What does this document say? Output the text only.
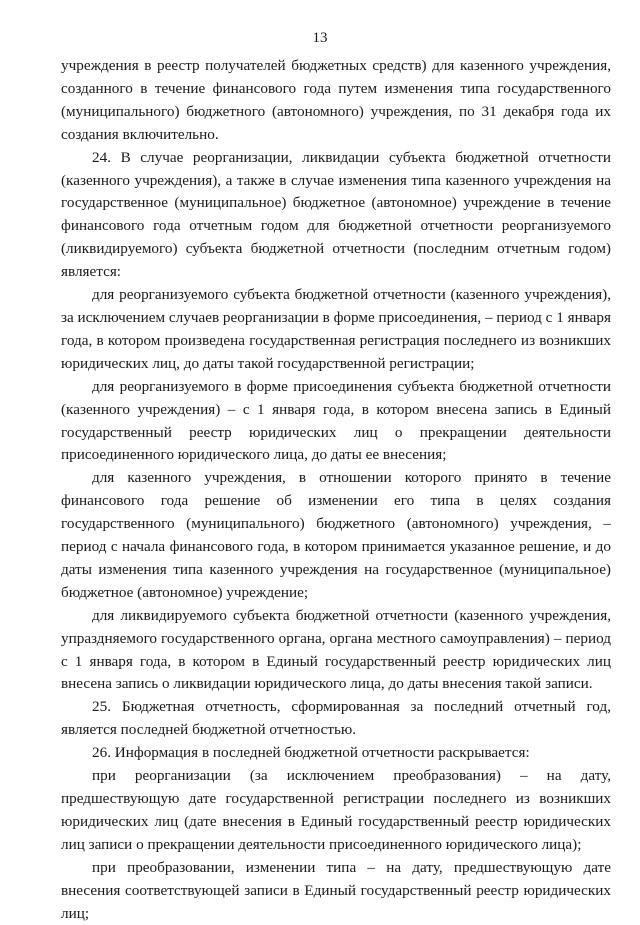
13

учреждения в реестр получателей бюджетных средств) для казенного учреждения, созданного в течение финансового года путем изменения типа государственного (муниципального) бюджетного (автономного) учреждения, по 31 декабря года их создания включительно.

24. В случае реорганизации, ликвидации субъекта бюджетной отчетности (казенного учреждения), а также в случае изменения типа казенного учреждения на государственное (муниципальное) бюджетное (автономное) учреждение в течение финансового года отчетным годом для бюджетной отчетности реорганизуемого (ликвидируемого) субъекта бюджетной отчетности (последним отчетным годом) является:

для реорганизуемого субъекта бюджетной отчетности (казенного учреждения), за исключением случаев реорганизации в форме присоединения, – период с 1 января года, в котором произведена государственная регистрация последнего из возникших юридических лиц, до даты такой государственной регистрации;

для реорганизуемого в форме присоединения субъекта бюджетной отчетности (казенного учреждения) – с 1 января года, в котором внесена запись в Единый государственный реестр юридических лиц о прекращении деятельности присоединенного юридического лица, до даты ее внесения;

для казенного учреждения, в отношении которого принято в течение финансового года решение об изменении его типа в целях создания государственного (муниципального) бюджетного (автономного) учреждения, – период с начала финансового года, в котором принимается указанное решение, и до даты изменения типа казенного учреждения на государственное (муниципальное) бюджетное (автономное) учреждение;

для ликвидируемого субъекта бюджетной отчетности (казенного учреждения, упраздняемого государственного органа, органа местного самоуправления) – период с 1 января года, в котором в Единый государственный реестр юридических лиц внесена запись о ликвидации юридического лица, до даты внесения такой записи.

25. Бюджетная отчетность, сформированная за последний отчетный год, является последней бюджетной отчетностью.

26. Информация в последней бюджетной отчетности раскрывается:

при реорганизации (за исключением преобразования) – на дату, предшествующую дате государственной регистрации последнего из возникших юридических лиц (дате внесения в Единый государственный реестр юридических лиц записи о прекращении деятельности присоединенного юридического лица);

при преобразовании, изменении типа – на дату, предшествующую дате внесения соответствующей записи в Единый государственный реестр юридических лиц;
